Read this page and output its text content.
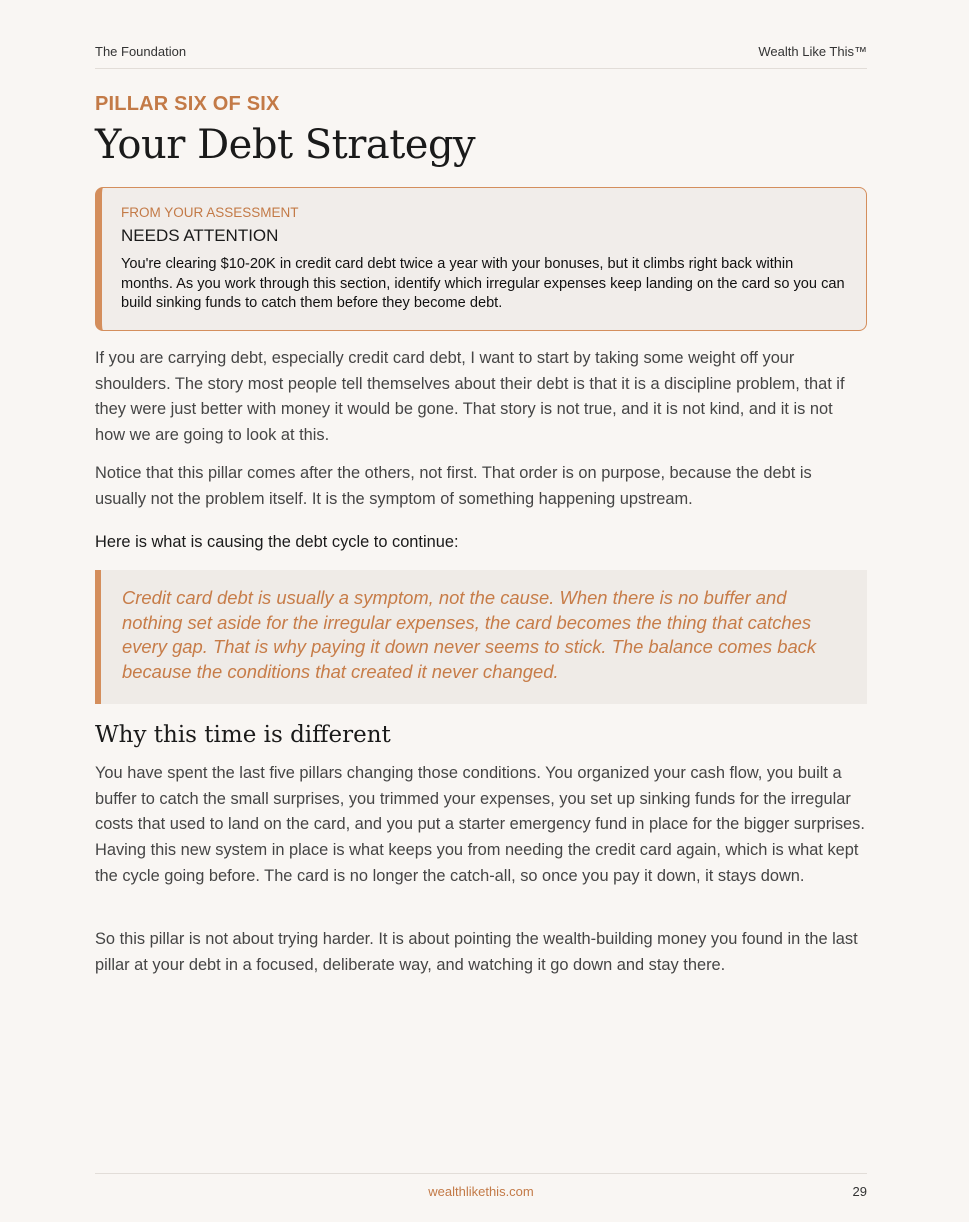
The Foundation	Wealth Like This™
PILLAR SIX OF SIX
Your Debt Strategy
FROM YOUR ASSESSMENT
NEEDS ATTENTION
You're clearing $10-20K in credit card debt twice a year with your bonuses, but it climbs right back within months. As you work through this section, identify which irregular expenses keep landing on the card so you can build sinking funds to catch them before they become debt.

If you are carrying debt, especially credit card debt, I want to start by taking some weight off your shoulders. The story most people tell themselves about their debt is that it is a discipline problem, that if they were just better with money it would be gone. That story is not true, and it is not kind, and it is not how we are going to look at this.

Notice that this pillar comes after the others, not first. That order is on purpose, because the debt is usually not the problem itself. It is the symptom of something happening upstream.

Here is what is causing the debt cycle to continue:

Credit card debt is usually a symptom, not the cause. When there is no buffer and nothing set aside for the irregular expenses, the card becomes the thing that catches every gap. That is why paying it down never seems to stick. The balance comes back because the conditions that created it never changed.

Why this time is different

You have spent the last five pillars changing those conditions. You organized your cash flow, you built a buffer to catch the small surprises, you trimmed your expenses, you set up sinking funds for the irregular costs that used to land on the card, and you put a starter emergency fund in place for the bigger surprises. Having this new system in place is what keeps you from needing the credit card again, which is what kept the cycle going before. The card is no longer the catch-all, so once you pay it down, it stays down.

So this pillar is not about trying harder. It is about pointing the wealth-building money you found in the last pillar at your debt in a focused, deliberate way, and watching it go down and stay there.

wealthlikethis.com	29
